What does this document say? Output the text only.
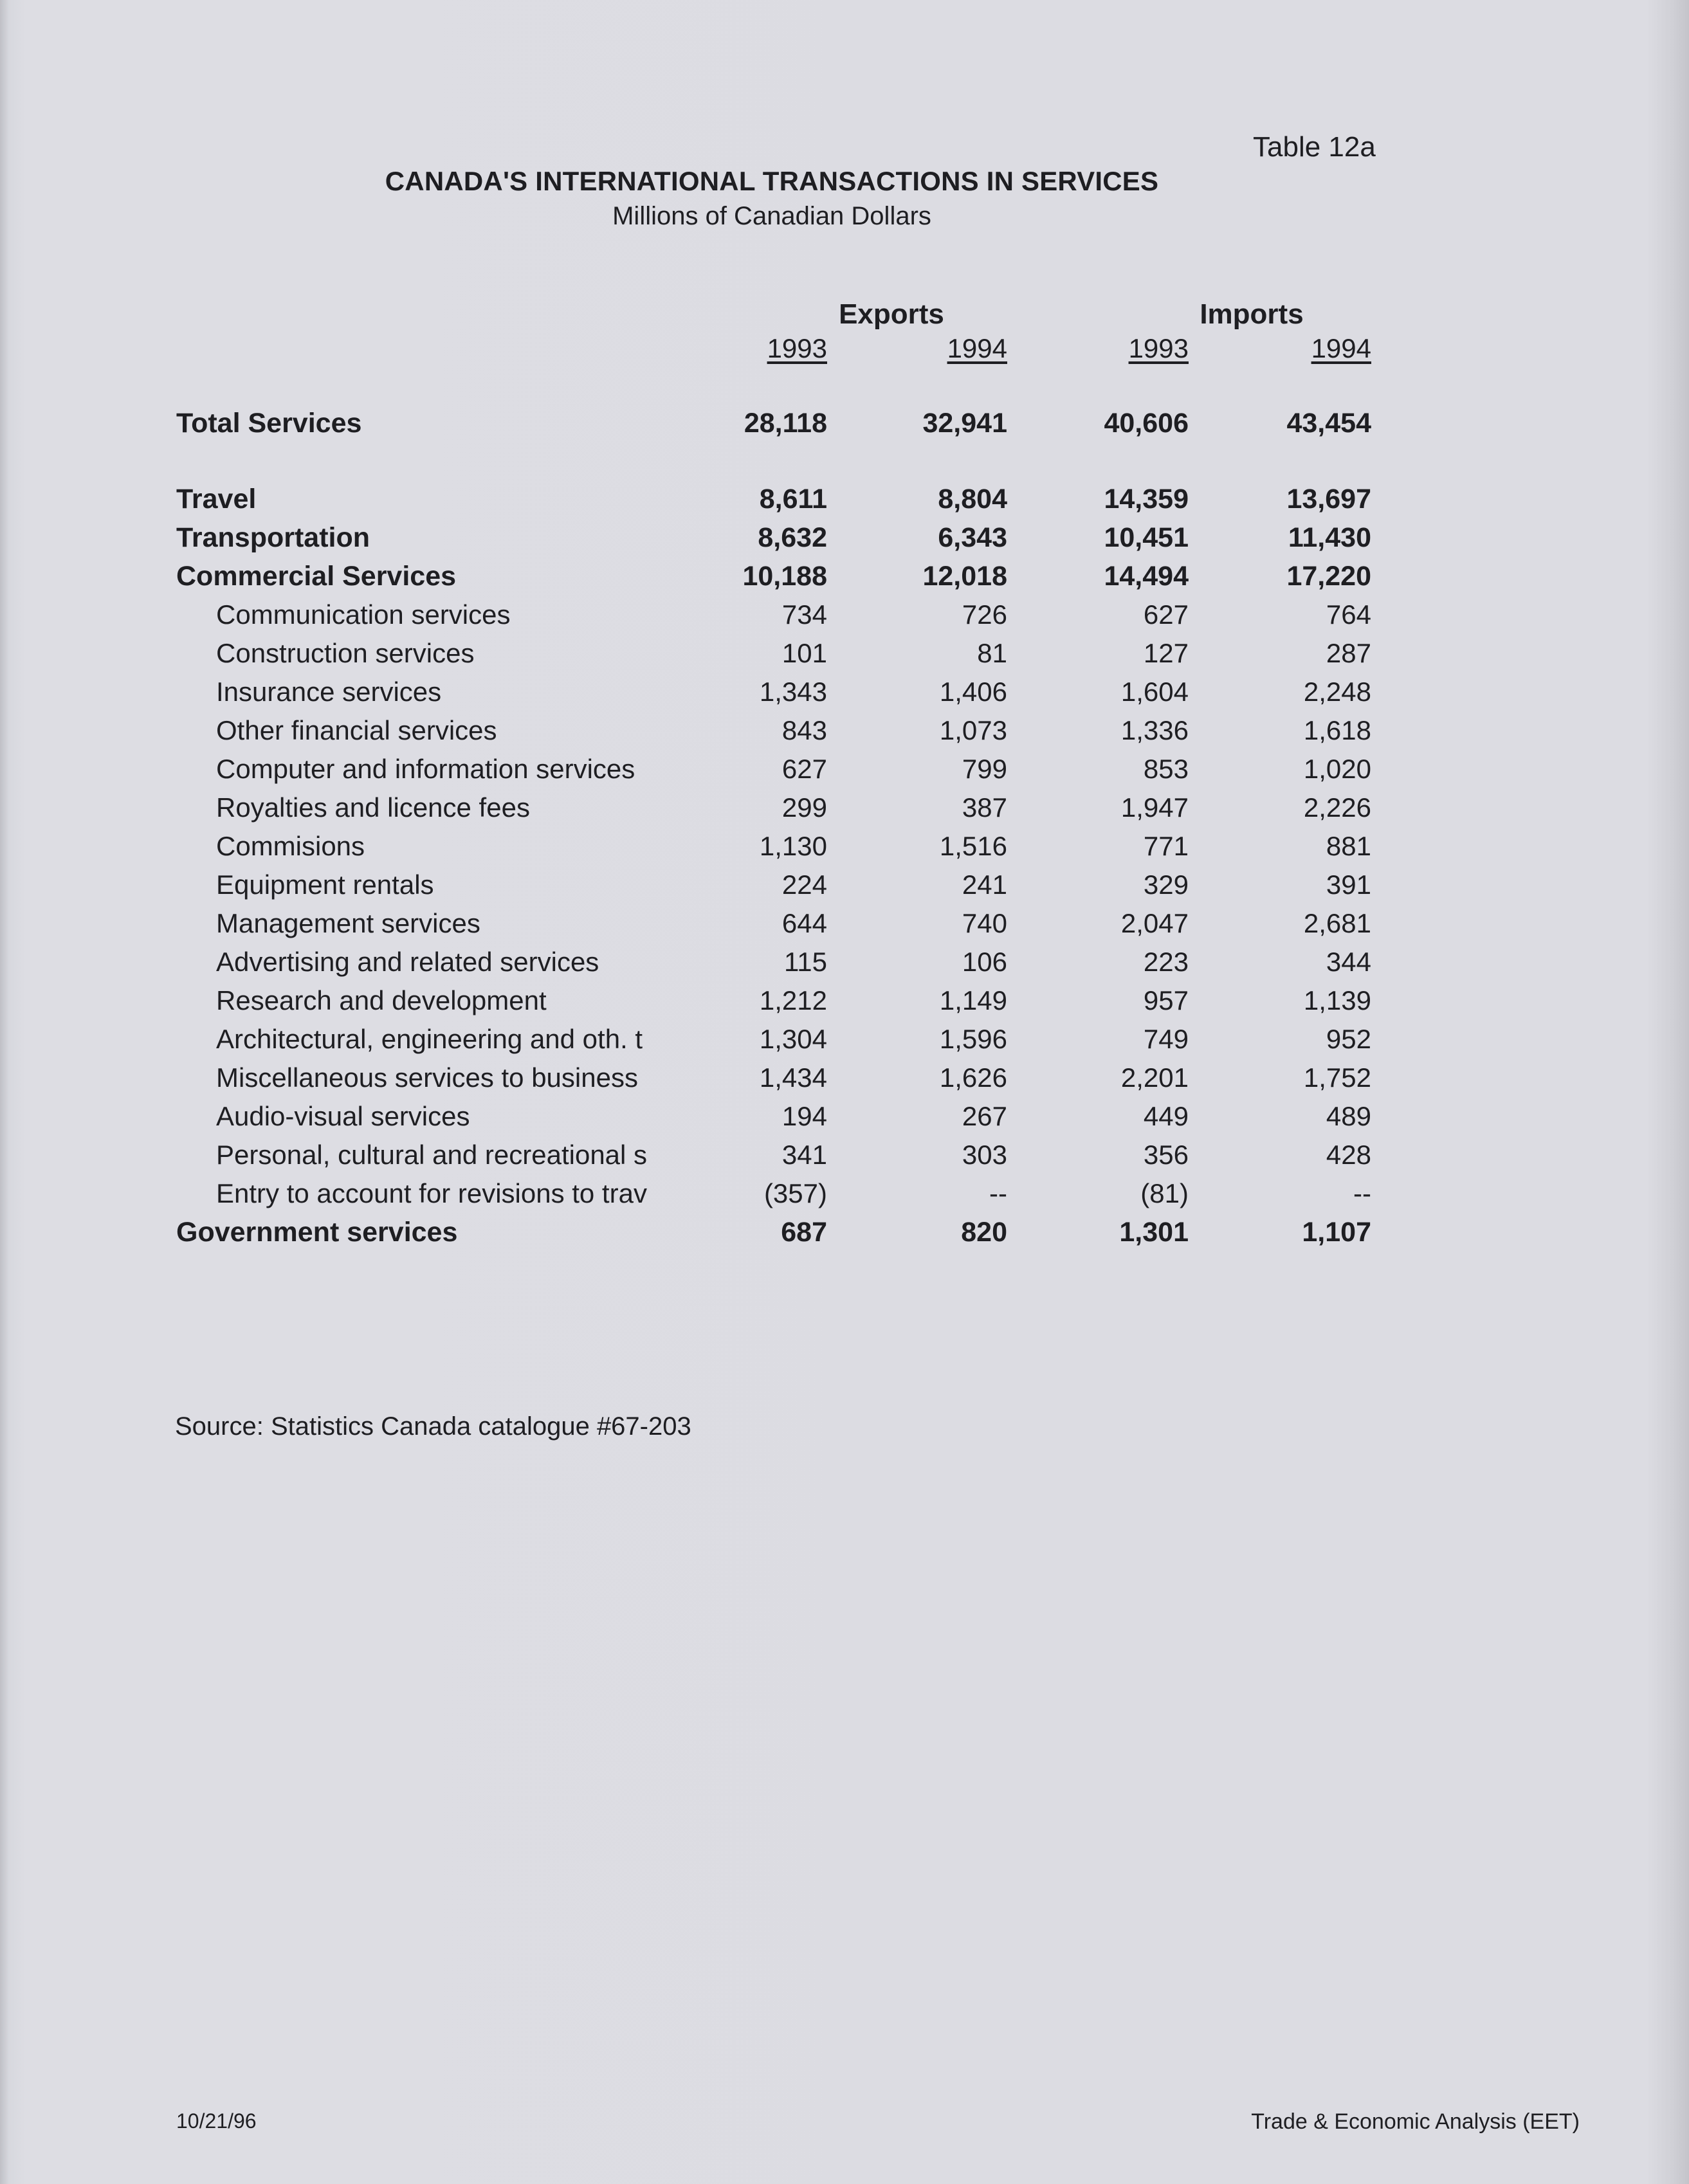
Table 12a
CANADA'S INTERNATIONAL TRANSACTIONS IN SERVICES
Millions of Canadian Dollars
Exports	Imports
1993	1994	1993	1994
Total Services	28,118	32,941	40,606	43,454
Travel	8,611	8,804	14,359	13,697
Transportation	8,632	6,343	10,451	11,430
Commercial Services	10,188	12,018	14,494	17,220
Communication services	734	726	627	764
Construction services	101	81	127	287
Insurance services	1,343	1,406	1,604	2,248
Other financial services	843	1,073	1,336	1,618
Computer and information services	627	799	853	1,020
Royalties and licence fees	299	387	1,947	2,226
Commisions	1,130	1,516	771	881
Equipment rentals	224	241	329	391
Management services	644	740	2,047	2,681
Advertising and related services	115	106	223	344
Research and development	1,212	1,149	957	1,139
Architectural, engineering and oth. t	1,304	1,596	749	952
Miscellaneous services to business	1,434	1,626	2,201	1,752
Audio-visual services	194	267	449	489
Personal, cultural and recreational s	341	303	356	428
Entry to account for revisions to trav	(357)	--	(81)	--
Government services	687	820	1,301	1,107
Source: Statistics Canada catalogue #67-203
10/21/96	Trade & Economic Analysis (EET)
